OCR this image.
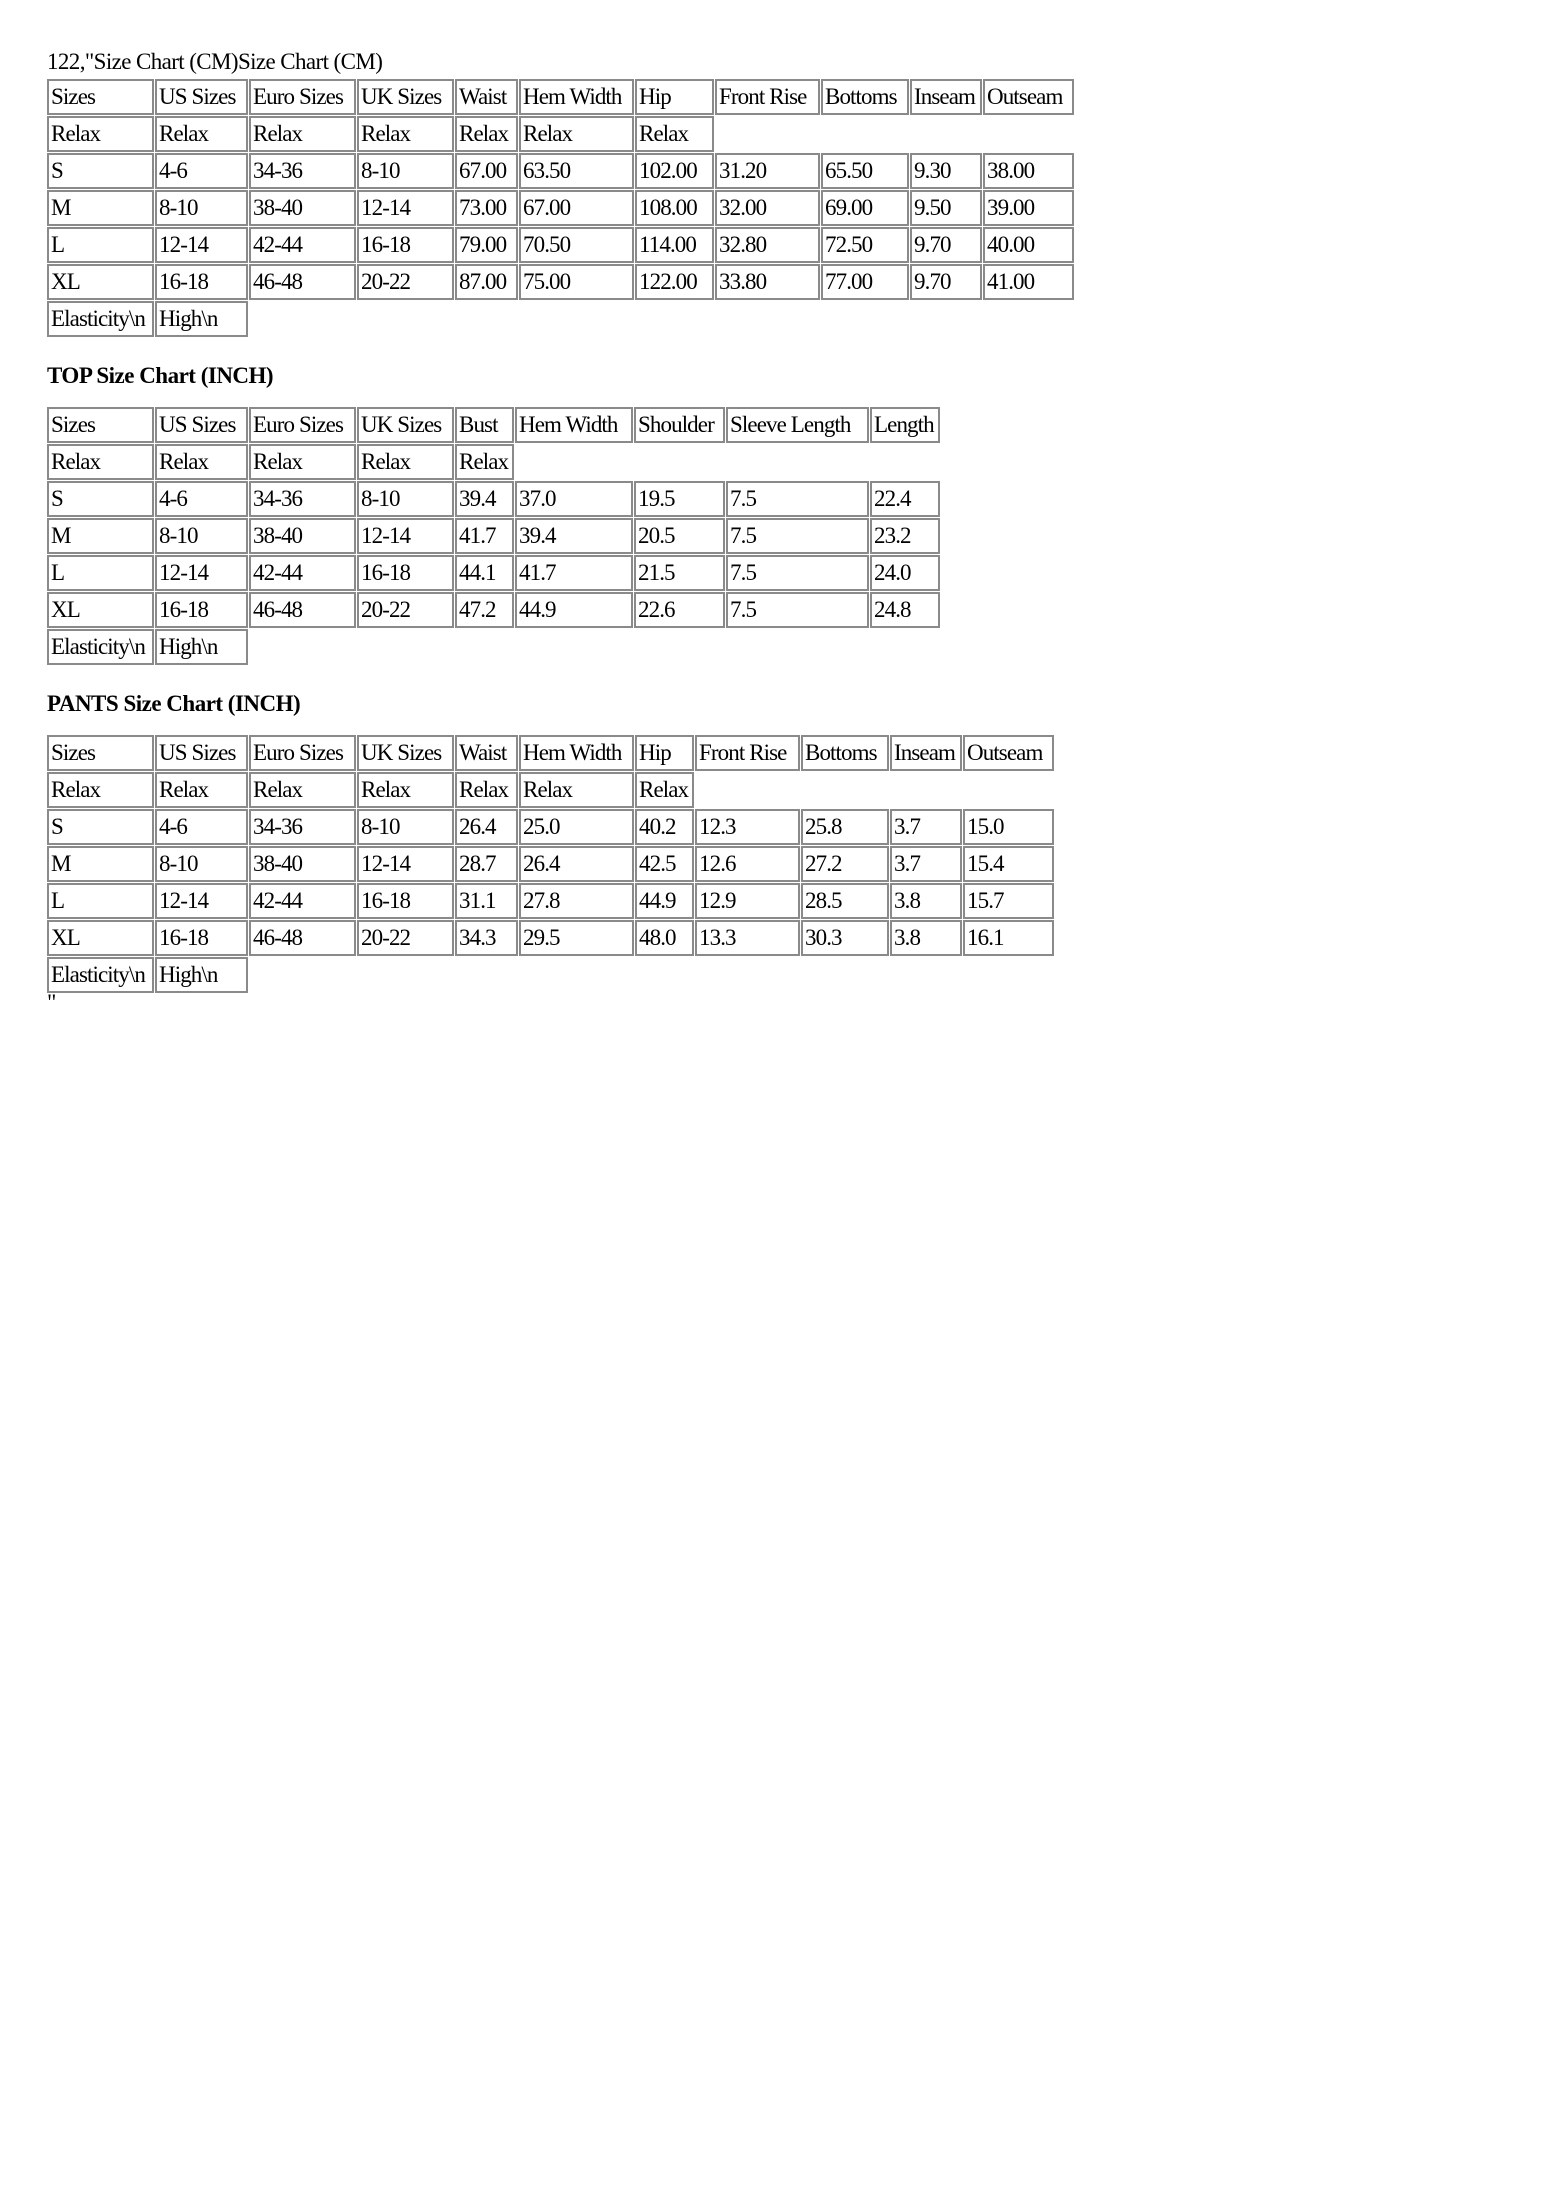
122,"Size Chart (CM)Size Chart (CM)
Sizes	US Sizes	Euro Sizes	UK Sizes	Waist	Hem Width	Hip	Front Rise	Bottoms	Inseam	Outseam
Relax	Relax	Relax	Relax	Relax	Relax	Relax				
S	4-6	34-36	8-10	67.00	63.50	102.00	31.20	65.50	9.30	38.00
M	8-10	38-40	12-14	73.00	67.00	108.00	32.00	69.00	9.50	39.00
L	12-14	42-44	16-18	79.00	70.50	114.00	32.80	72.50	9.70	40.00
XL	16-18	46-48	20-22	87.00	75.00	122.00	33.80	77.00	9.70	41.00
Elasticity\n	High\n									
TOP Size Chart (INCH)
Sizes	US Sizes	Euro Sizes	UK Sizes	Bust	Hem Width	Shoulder	Sleeve Length	Length
Relax	Relax	Relax	Relax	Relax				
S	4-6	34-36	8-10	39.4	37.0	19.5	7.5	22.4
M	8-10	38-40	12-14	41.7	39.4	20.5	7.5	23.2
L	12-14	42-44	16-18	44.1	41.7	21.5	7.5	24.0
XL	16-18	46-48	20-22	47.2	44.9	22.6	7.5	24.8
Elasticity\n	High\n							
PANTS Size Chart (INCH)
Sizes	US Sizes	Euro Sizes	UK Sizes	Waist	Hem Width	Hip	Front Rise	Bottoms	Inseam	Outseam
Relax	Relax	Relax	Relax	Relax	Relax	Relax				
S	4-6	34-36	8-10	26.4	25.0	40.2	12.3	25.8	3.7	15.0
M	8-10	38-40	12-14	28.7	26.4	42.5	12.6	27.2	3.7	15.4
L	12-14	42-44	16-18	31.1	27.8	44.9	12.9	28.5	3.8	15.7
XL	16-18	46-48	20-22	34.3	29.5	48.0	13.3	30.3	3.8	16.1
Elasticity\n	High\n									
"
